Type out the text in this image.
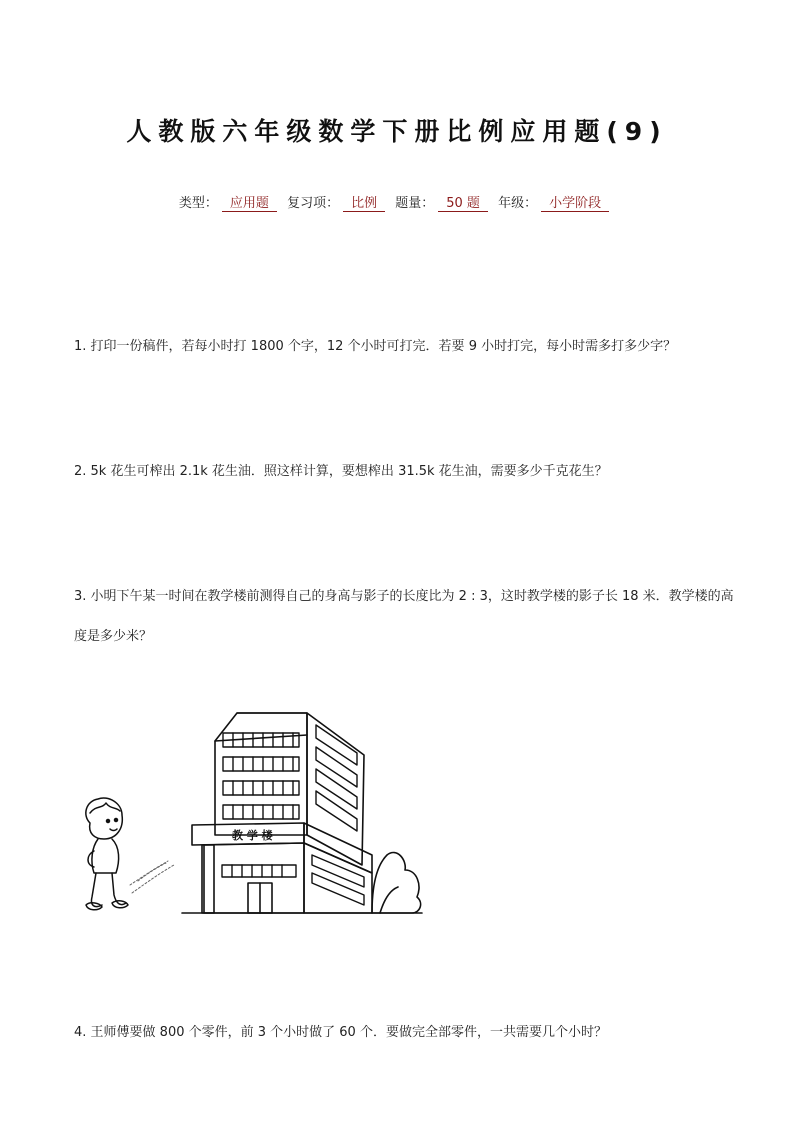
人教版六年级数学下册比例应用题(9)
类型： 应用题 复习项： 比例 题量： 50 题 年级： 小学阶段
1. 打印一份稿件，若每小时打 1800 个字，12 个小时可打完．若要 9 小时打完，每小时需多打多少字？
2. 5k 花生可榨出 2.1k 花生油．照这样计算，要想榨出 31.5k 花生油，需要多少千克花生？
3. 小明下午某一时间在教学楼前测得自己的身高与影子的长度比为 2 : 3，这时教学楼的影子长 18 米．教学楼的高度是多少米？
教 学 楼
4. 王师傅要做 800 个零件，前 3 个小时做了 60 个．要做完全部零件，一共需要几个小时？
